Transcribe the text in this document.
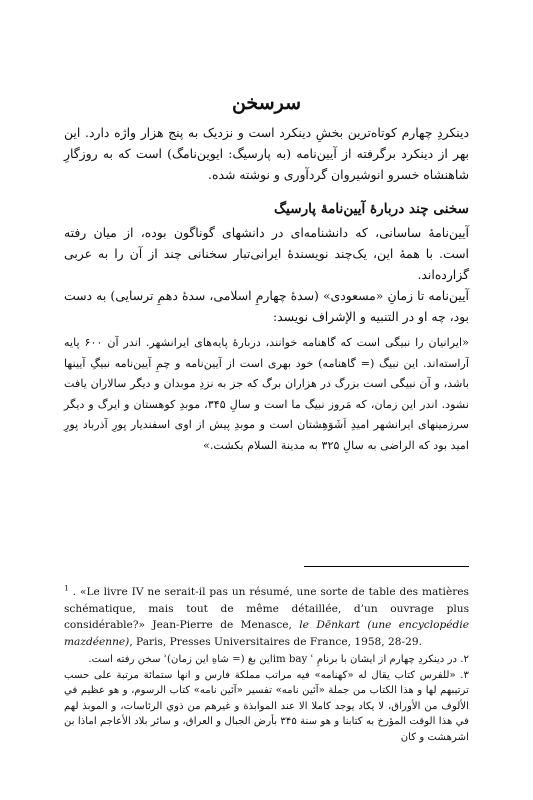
سرسخن

دینکردِ چهارم کوتاه‌ترین بخشِ دینکرد است و نزدیک به پنج هزار واژه دارد. این بهر از دینکرد برگرفته از آیین‌نامه (به پارسیگ: ایوین‌نامگ) است که به روزگارِ شاهنشاه خسرو انوشیروان گردآوری و نوشته شده.

سخنی چند دربارهٔ آیین‌نامهٔ پارسیگ

آیین‌نامهٔ ساسانی، که دانشنامه‌ای در دانشهای گوناگون بوده، از میان رفته است. با همهٔ این، یک‌چند نویسندهٔ ایرانی‌تبار سخنانی چند از آن را به عربی گزارده‌اند.

آیین‌نامه تا زمانِ «مسعودی» (سدهٔ چهارمِ اسلامی، سدهٔ دهمِ ترسایی) به دست بود، چه او در التنبیه و الإشراف نویسد:

«ایرانیان را نبیگی است که گاهنامه خوانند، دربارهٔ پایه‌های ایرانشهر. اندر آن ۶۰۰ پایه آراسته‌اند. این نبیگ (= گاهنامه) خود بهری است از آیین‌نامه و چمِ آیین‌نامه نبیگِ آیینها باشد، و آن نبیگی است بزرگ در هزاران برگ که جز به نزدِ موبدان و دیگر سالاران یافت نشود. اندر این زمان، که مَروز نبیگ ما است و سالِ ۳۴۵، موبدِ کوهستان و ایرگ و دیگر سرزمینهای ایرانشهر امیدِ اَشَوَهِشتان است و موبدِ پیش از اوی اسفندیار پورِ آذرباد پورِ امید بود که الراضی به سالِ ۳۲۵ به مدینة السلام بکشت.»

$^1$ . «Le livre IV ne serait-il pas un résumé, une sorte de table des matières schématique, mais tout de même détaillée, d’un ouvrage plus considérable?» Jean-Pierre de Menasce, le Dēnkart (une encyclopédie mazdéenne), Paris, Presses Universitaires de France, 1958, 28-29.

۲. در دینکردِ چهارم از ایشان با برنامِ im bay ʿاین بغ (= شاهِ این زمان)ʾ سخن رفته است.

۳. «للفرس كتاب يقال له «كهنامه» فيه مراتب مملكة فارس و انها ستمائة مرتبة على حسب ترتيبهم لها و هذا الكتاب من جملة «آئين نامه» تفسير «آئين نامه» كتاب الرسوم، و هو عظيم في الألوف من الأوراق، لا يكاد يوجد كاملا الا عند الموابذة و غيرهم من ذوي الرئاسات، و الموبذ لهم في هذا الوقت المؤرخ به كتابنا و هو سنة ۳۴۵ بأرض الجبال و العراق، و سائر بلاد الأعاجم اماذا بن اشرهشت و كان
